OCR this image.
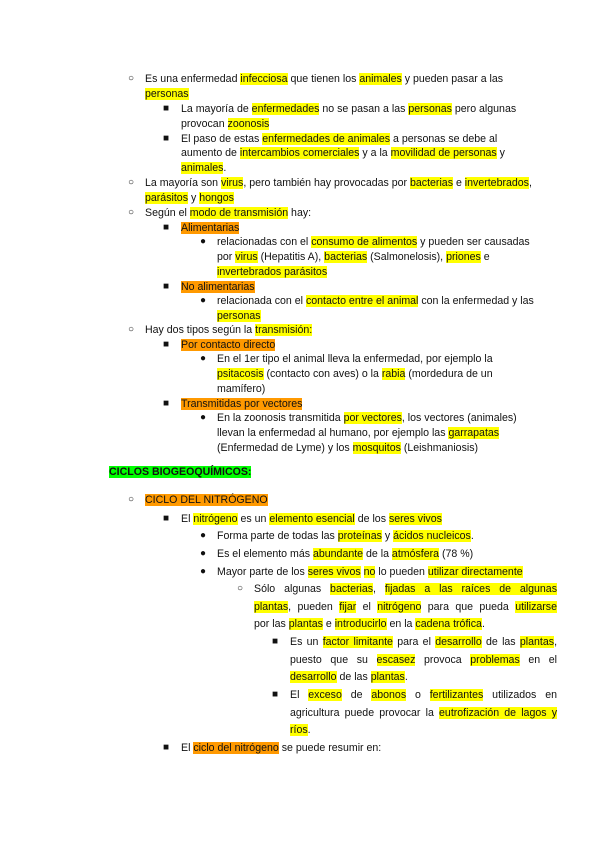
○
■
■
○
○
■
●
■
●
○
■
●
■
●
○
■
●
●
●
○
■
■
■
Es una enfermedad infecciosa que tienen los animales y pueden pasar a las
personas
La mayoría de enfermedades no se pasan a las personas pero algunas
provocan zoonosis
El paso de estas enfermedades de animales a personas se debe al
aumento de intercambios comerciales y a la movilidad de personas y
animales.
La mayoría son virus, pero también hay provocadas por bacterias e invertebrados,
parásitos y hongos
Según el modo de transmisión hay:
Alimentarias
relacionadas con el consumo de alimentos y pueden ser causadas
por virus (Hepatitis A), bacterias (Salmonelosis), priones e
invertebrados parásitos
No alimentarias
relacionada con el contacto entre el animal con la enfermedad y las
personas
Hay dos tipos según la transmisión:
Por contacto directo
En el 1er tipo el animal lleva la enfermedad, por ejemplo la
psitacosis (contacto con aves) o la rabia (mordedura de un
mamífero)
Transmitidas por vectores
En la zoonosis transmitida por vectores, los vectores (animales)
llevan la enfermedad al humano, por ejemplo las garrapatas
(Enfermedad de Lyme) y los mosquitos (Leishmaniosis)
CICLOS BIOGEOQUÍMICOS:
CICLO DEL NITRÓGENO
El nitrógeno es un elemento esencial de los seres vivos
Forma parte de todas las proteínas y ácidos nucleicos.
Es el elemento más abundante de la atmósfera (78 %)
Mayor parte de los seres vivos no lo pueden utilizar directamente
Sólo algunas bacterias, fijadas a las raíces de algunas
plantas, pueden fijar el nitrógeno para que pueda utilizarse
por las plantas e introducirlo en la cadena trófica.
Es un factor limitante para el desarrollo de las plantas,
puesto que su escasez provoca problemas en el
desarrollo de las plantas.
El exceso de abonos o fertilizantes utilizados en
agricultura puede provocar la eutrofización de lagos y
ríos.
El ciclo del nitrógeno se puede resumir en:
